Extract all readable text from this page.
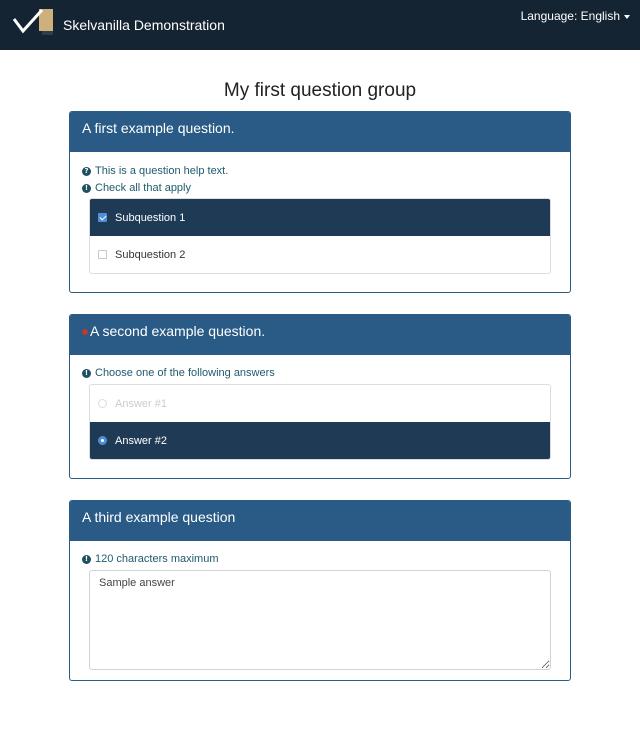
Skelvanilla Demonstration
Language: English
My first question group
A first example question.
? This is a question help text.
! Check all that apply
Subquestion 1
Subquestion 2
A second example question.
! Choose one of the following answers
Answer #1
Answer #2
A third example question
! 120 characters maximum
Sample answer
